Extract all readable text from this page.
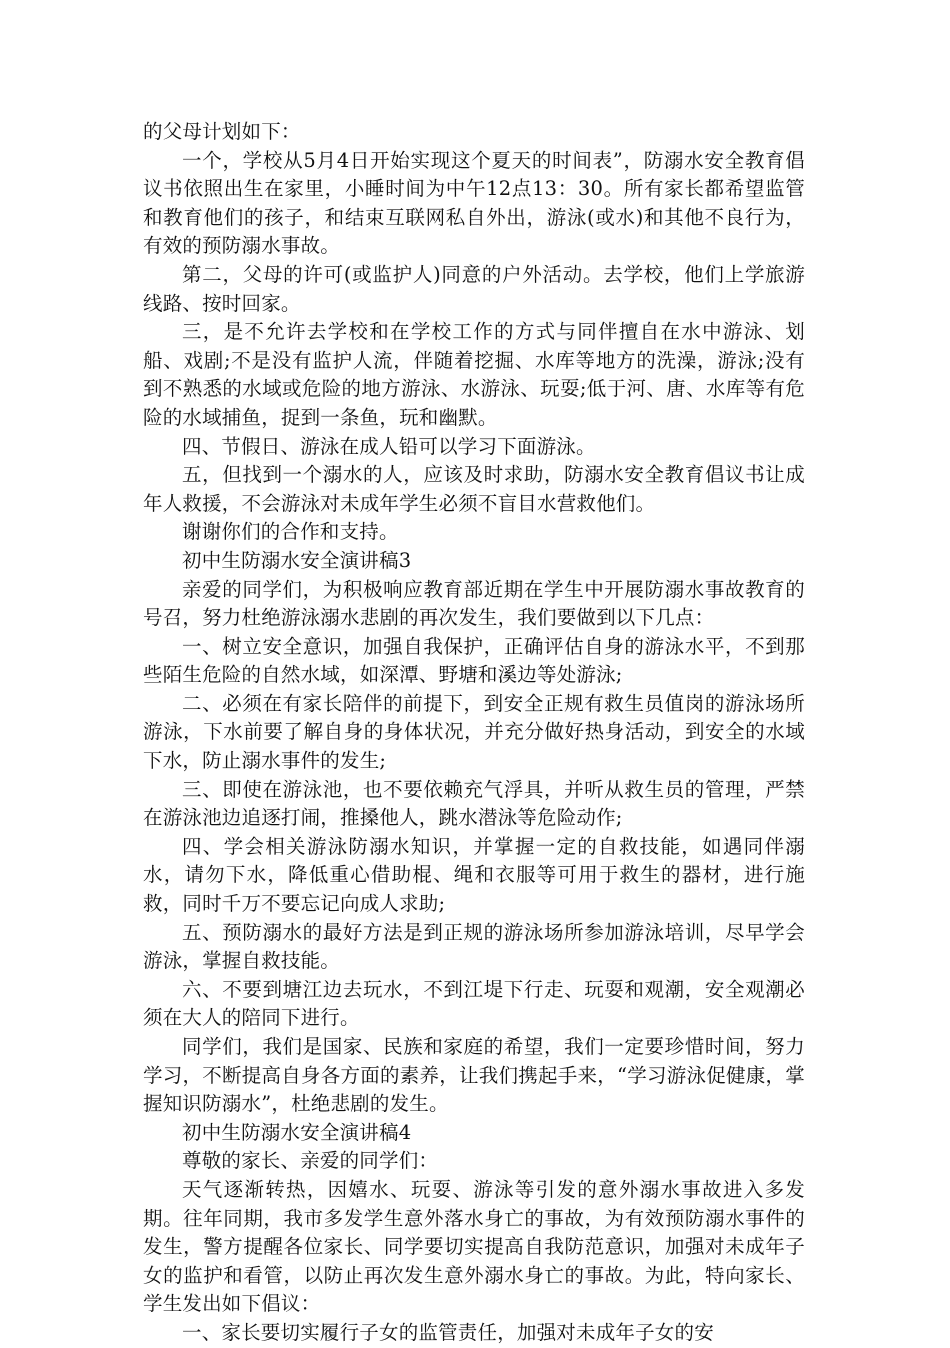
的父母计划如下：

一个，学校从5月4日开始实现这个夏天的时间表”，防溺水安全教育倡议书依照出生在家里，小睡时间为中午12点13：30。所有家长都希望监管和教育他们的孩子，和结束互联网私自外出，游泳(或水)和其他不良行为，有效的预防溺水事故。

第二，父母的许可(或监护人)同意的户外活动。去学校，他们上学旅游线路、按时回家。

三，是不允许去学校和在学校工作的方式与同伴擅自在水中游泳、划船、戏剧;不是没有监护人流，伴随着挖掘、水库等地方的洗澡，游泳;没有到不熟悉的水域或危险的地方游泳、水游泳、玩耍;低于河、唐、水库等有危险的水域捕鱼，捉到一条鱼，玩和幽默。

四、节假日、游泳在成人铅可以学习下面游泳。

五，但找到一个溺水的人，应该及时求助，防溺水安全教育倡议书让成年人救援，不会游泳对未成年学生必须不盲目水营救他们。

谢谢你们的合作和支持。

初中生防溺水安全演讲稿3

亲爱的同学们，为积极响应教育部近期在学生中开展防溺水事故教育的号召，努力杜绝游泳溺水悲剧的再次发生，我们要做到以下几点：

一、树立安全意识，加强自我保护，正确评估自身的游泳水平，不到那些陌生危险的自然水域，如深潭、野塘和溪边等处游泳;

二、必须在有家长陪伴的前提下，到安全正规有救生员值岗的游泳场所游泳，下水前要了解自身的身体状况，并充分做好热身活动，到安全的水域下水，防止溺水事件的发生;

三、即使在游泳池，也不要依赖充气浮具，并听从救生员的管理，严禁在游泳池边追逐打闹，推搡他人，跳水潜泳等危险动作;

四、学会相关游泳防溺水知识，并掌握一定的自救技能，如遇同伴溺水，请勿下水，降低重心借助棍、绳和衣服等可用于救生的器材，进行施救，同时千万不要忘记向成人求助;

五、预防溺水的最好方法是到正规的游泳场所参加游泳培训，尽早学会游泳，掌握自救技能。

六、不要到塘江边去玩水，不到江堤下行走、玩耍和观潮，安全观潮必须在大人的陪同下进行。

同学们，我们是国家、民族和家庭的希望，我们一定要珍惜时间，努力学习，不断提高自身各方面的素养，让我们携起手来，“学习游泳促健康，掌握知识防溺水”，杜绝悲剧的发生。

初中生防溺水安全演讲稿4

尊敬的家长、亲爱的同学们：

天气逐渐转热，因嬉水、玩耍、游泳等引发的意外溺水事故进入多发期。往年同期，我市多发学生意外落水身亡的事故，为有效预防溺水事件的发生，警方提醒各位家长、同学要切实提高自我防范意识，加强对未成年子女的监护和看管，以防止再次发生意外溺水身亡的事故。为此，特向家长、学生发出如下倡议：

一、家长要切实履行子女的监管责任，加强对未成年子女的安
